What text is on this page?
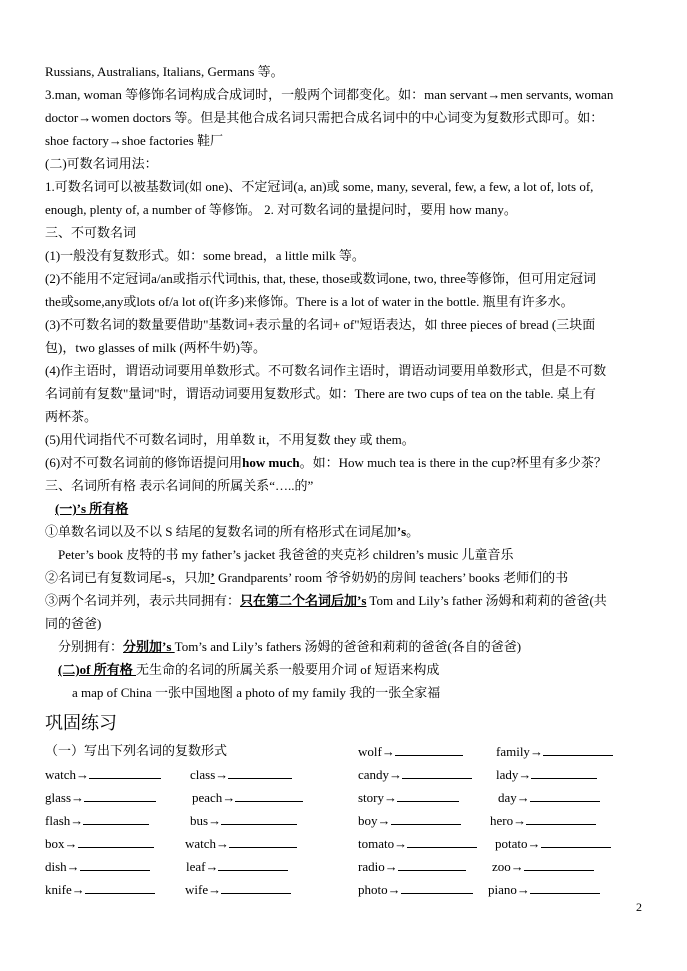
Russians, Australians, Italians, Germans 等。
3.man, woman 等修饰名词构成合成词时，一般两个词都变化。如：man servant→men servants, woman
doctor→women doctors 等。但是其他合成名词只需把合成名词中的中心词变为复数形式即可。如：
shoe factory→shoe factories 鞋厂
(二)可数名词用法：
1.可数名词可以被基数词(如 one)、不定冠词(a, an)或 some, many, several, few, a few, a lot of, lots of,
enough, plenty of, a number of 等修饰。 2. 对可数名词的量提问时，要用 how many。
三、不可数名词
(1)一般没有复数形式。如：some bread，a little milk 等。
(2)不能用不定冠词a/an或指示代词this, that, these, those或数词one, two, three等修饰，但可用定冠词
the或some,any或lots of/a lot of(许多)来修饰。There is a lot of water in the bottle. 瓶里有许多水。
(3)不可数名词的数量要借助"基数词+表示量的名词+ of"短语表达，如 three pieces of bread (三块面
包)，two glasses of milk (两杯牛奶)等。
(4)作主语时，谓语动词要用单数形式。不可数名词作主语时，谓语动词要用单数形式，但是不可数
名词前有复数"量词"时，谓语动词要用复数形式。如：There are two cups of tea on the table. 桌上有
两杯茶。
(5)用代词指代不可数名词时，用单数 it，不用复数 they 或 them。
(6)对不可数名词前的修饰语提问用how much。如：How much tea is there in the cup?杯里有多少茶？
三、名词所有格 表示名词间的所属关系“…..的”
(一)’s 所有格
①单数名词以及不以 S 结尾的复数名词的所有格形式在词尾加’s。
Peter’s book 皮特的书 my father’s jacket 我爸爸的夹克衫 children’s music 儿童音乐
②名词已有复数词尾-s，只加’ Grandparents’ room 爷爷奶奶的房间 teachers’ books 老师们的书
③两个名词并列，表示共同拥有：只在第二个名词后加’s Tom and Lily’s father 汤姆和莉莉的爸爸(共
同的爸爸)
分别拥有：分别加’s Tom’s and Lily’s fathers 汤姆的爸爸和莉莉的爸爸(各自的爸爸)
(二)of 所有格 无生命的名词的所属关系一般要用介词 of 短语来构成
a map of China 一张中国地图 a photo of my family 我的一张全家福
巩固练习
（一）写出下列名词的复数形式	wolf→	family→
watch→	class→	candy→	lady→
glass→	peach→	story→	day→
flash→	bus→	boy→	hero→
box→	watch→	tomato→	potato→
dish→	leaf→	radio→	zoo→
knife→	wife→	photo→	piano→
2
